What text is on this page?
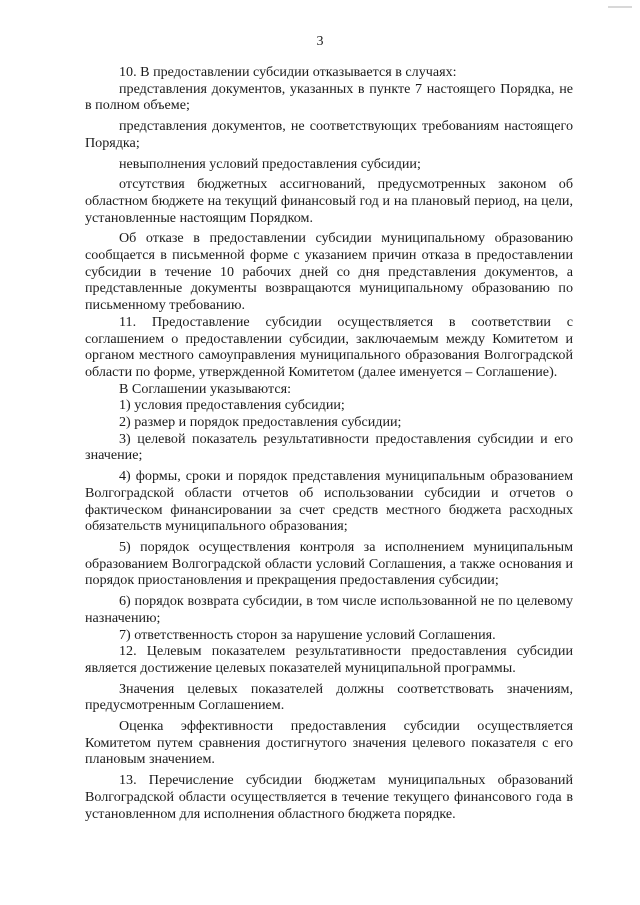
3

10. В предоставлении субсидии отказывается в случаях:

представления документов, указанных в пункте 7 настоящего Порядка, не в полном объеме;

представления документов, не соответствующих требованиям настоящего Порядка;

невыполнения условий предоставления субсидии;

отсутствия бюджетных ассигнований, предусмотренных законом об областном бюджете на текущий финансовый год и на плановый период, на цели, установленные настоящим Порядком.

Об отказе в предоставлении субсидии муниципальному образованию сообщается в письменной форме с указанием причин отказа в предоставлении субсидии в течение 10 рабочих дней со дня представления документов, а представленные документы возвращаются муниципальному образованию по письменному требованию.

11. Предоставление субсидии осуществляется в соответствии с соглашением о предоставлении субсидии, заключаемым между Комитетом и органом местного самоуправления муниципального образования Волгоградской области по форме, утвержденной Комитетом (далее именуется – Соглашение).

В Соглашении указываются:

1) условия предоставления субсидии;

2) размер и порядок предоставления субсидии;

3) целевой показатель результативности предоставления субсидии и его значение;

4) формы, сроки и порядок представления муниципальным образованием Волгоградской области отчетов об использовании субсидии и отчетов о фактическом финансировании за счет средств местного бюджета расходных обязательств муниципального образования;

5) порядок осуществления контроля за исполнением муниципальным образованием Волгоградской области условий Соглашения, а также основания и порядок приостановления и прекращения предоставления субсидии;

6) порядок возврата субсидии, в том числе использованной не по целевому назначению;

7) ответственность сторон за нарушение условий Соглашения.

12. Целевым показателем результативности предоставления субсидии является достижение целевых показателей муниципальной программы.

Значения целевых показателей должны соответствовать значениям, предусмотренным Соглашением.

Оценка эффективности предоставления субсидии осуществляется Комитетом путем сравнения достигнутого значения целевого показателя с его плановым значением.

13. Перечисление субсидии бюджетам муниципальных образований Волгоградской области осуществляется в течение текущего финансового года в установленном для исполнения областного бюджета порядке.
